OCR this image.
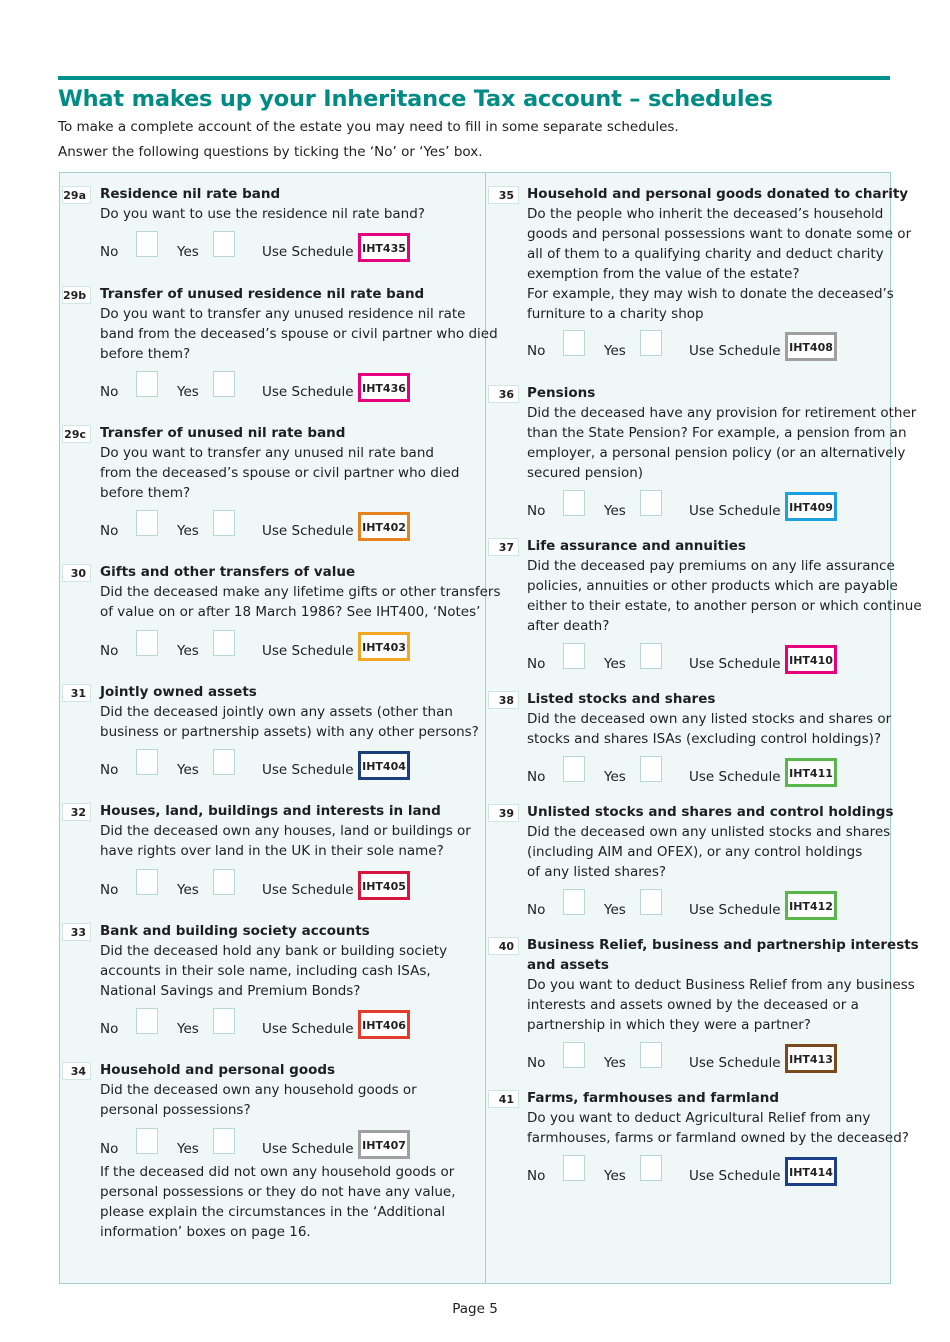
What makes up your Inheritance Tax account – schedules
To make a complete account of the estate you may need to fill in some separate schedules.
Answer the following questions by ticking the ‘No’ or ‘Yes’ box.
29a	Residence nil rate band
Do you want to use the residence nil rate band?
No	Yes	Use Schedule IHT435
29b	Transfer of unused residence nil rate band
Do you want to transfer any unused residence nil rate
band from the deceased’s spouse or civil partner who died
before them?
No	Yes	Use Schedule IHT436
29c	Transfer of unused nil rate band
Do you want to transfer any unused nil rate band
from the deceased’s spouse or civil partner who died
before them?
No	Yes	Use Schedule IHT402
30	Gifts and other transfers of value
Did the deceased make any lifetime gifts or other transfers
of value on or after 18 March 1986? See IHT400, ‘Notes’
No	Yes	Use Schedule IHT403
31	Jointly owned assets
Did the deceased jointly own any assets (other than
business or partnership assets) with any other persons?
No	Yes	Use Schedule IHT404
32	Houses, land, buildings and interests in land
Did the deceased own any houses, land or buildings or
have rights over land in the UK in their sole name?
No	Yes	Use Schedule IHT405
33	Bank and building society accounts
Did the deceased hold any bank or building society
accounts in their sole name, including cash ISAs,
National Savings and Premium Bonds?
No	Yes	Use Schedule IHT406
34	Household and personal goods
Did the deceased own any household goods or
personal possessions?
No	Yes	Use Schedule IHT407
If the deceased did not own any household goods or
personal possessions or they do not have any value,
please explain the circumstances in the ‘Additional
information’ boxes on page 16.
35 Household and personal goods donated to charity
Do the people who inherit the deceased’s household
goods and personal possessions want to donate some or
all of them to a qualifying charity and deduct charity
exemption from the value of the estate?
For example, they may wish to donate the deceased’s
furniture to a charity shop
No	Yes	Use Schedule IHT408
36 Pensions
Did the deceased have any provision for retirement other
than the State Pension? For example, a pension from an
employer, a personal pension policy (or an alternatively
secured pension)
No	Yes	Use Schedule IHT409
37 Life assurance and annuities
Did the deceased pay premiums on any life assurance
policies, annuities or other products which are payable
either to their estate, to another person or which continue
after death?
No	Yes	Use Schedule IHT410
38 Listed stocks and shares
Did the deceased own any listed stocks and shares or
stocks and shares ISAs (excluding control holdings)?
No	Yes	Use Schedule IHT411
39 Unlisted stocks and shares and control holdings
Did the deceased own any unlisted stocks and shares
(including AIM and OFEX), or any control holdings
of any listed shares?
No	Yes	Use Schedule IHT412
40 Business Relief, business and partnership interests
and assets
Do you want to deduct Business Relief from any business
interests and assets owned by the deceased or a
partnership in which they were a partner?
No	Yes	Use Schedule IHT413
41 Farms, farmhouses and farmland
Do you want to deduct Agricultural Relief from any
farmhouses, farms or farmland owned by the deceased?
No	Yes	Use Schedule IHT414
Page 5
